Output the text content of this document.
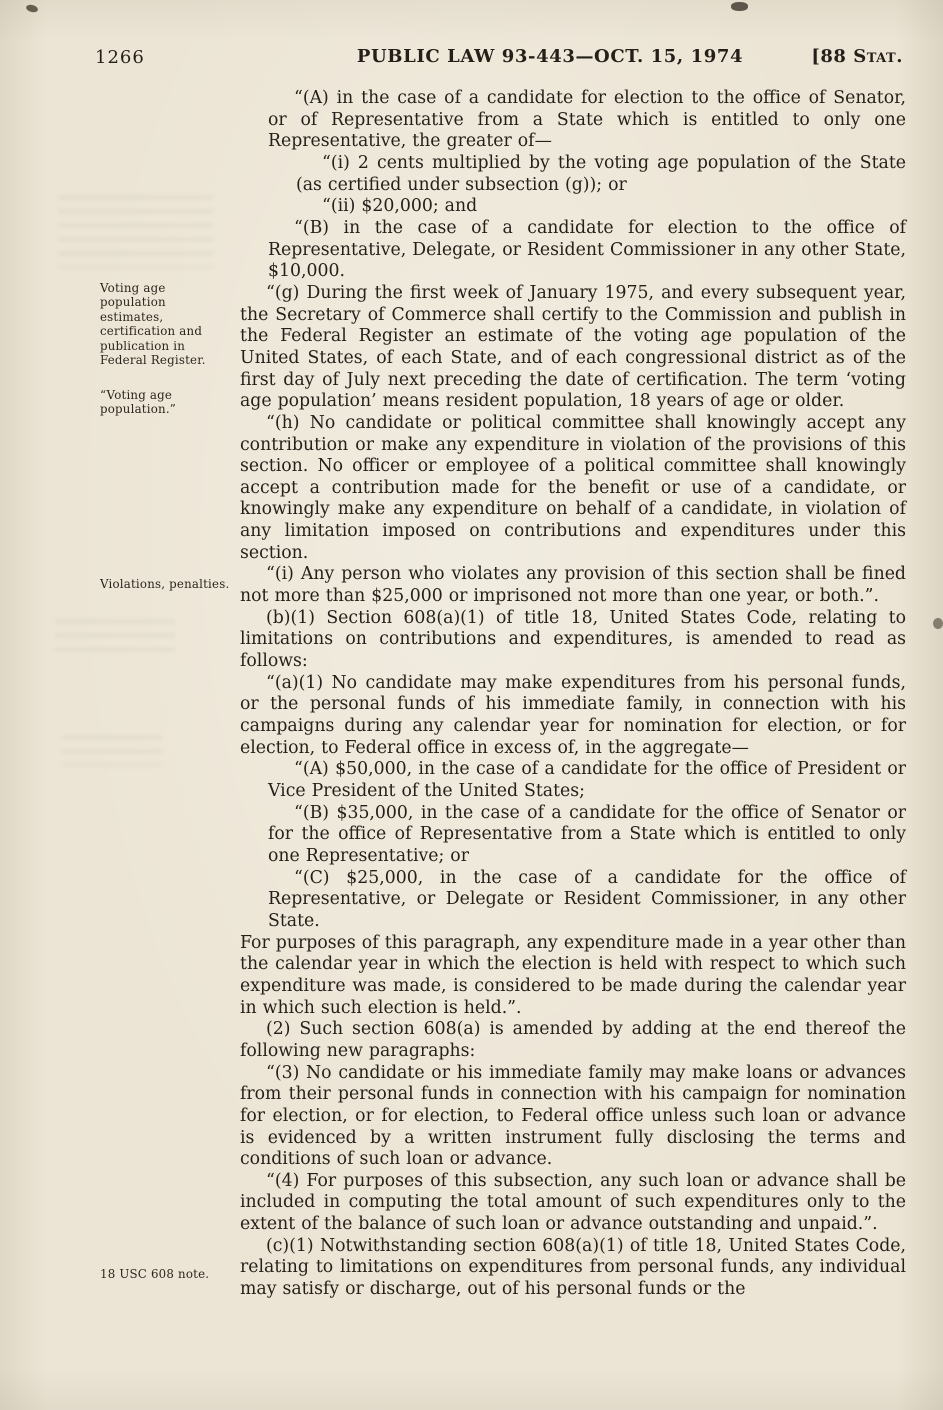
1266	PUBLIC LAW 93-443—OCT. 15, 1974	[88 Stat.
Voting age population estimates, certification and publication in Federal Register.
“Voting age population.”
Violations, penalties.
18 USC 608 note.

“(A) in the case of a candidate for election to the office of Senator, or of Representative from a State which is entitled to only one Representative, the greater of—

“(i) 2 cents multiplied by the voting age population of the State (as certified under subsection (g)); or

“(ii) $20,000; and

“(B) in the case of a candidate for election to the office of Representative, Delegate, or Resident Commissioner in any other State, $10,000.

“(g) During the first week of January 1975, and every subsequent year, the Secretary of Commerce shall certify to the Commission and publish in the Federal Register an estimate of the voting age population of the United States, of each State, and of each congressional district as of the first day of July next preceding the date of certification. The term ‘voting age population’ means resident population, 18 years of age or older.

“(h) No candidate or political committee shall knowingly accept any contribution or make any expenditure in violation of the provisions of this section. No officer or employee of a political committee shall knowingly accept a contribution made for the benefit or use of a candidate, or knowingly make any expenditure on behalf of a candidate, in violation of any limitation imposed on contributions and expenditures under this section.

“(i) Any person who violates any provision of this section shall be fined not more than $25,000 or imprisoned not more than one year, or both.”.

(b)(1) Section 608(a)(1) of title 18, United States Code, relating to limitations on contributions and expenditures, is amended to read as follows:

“(a)(1) No candidate may make expenditures from his personal funds, or the personal funds of his immediate family, in connection with his campaigns during any calendar year for nomination for election, or for election, to Federal office in excess of, in the aggregate—

“(A) $50,000, in the case of a candidate for the office of President or Vice President of the United States;

“(B) $35,000, in the case of a candidate for the office of Senator or for the office of Representative from a State which is entitled to only one Representative; or

“(C) $25,000, in the case of a candidate for the office of Representative, or Delegate or Resident Commissioner, in any other State.

For purposes of this paragraph, any expenditure made in a year other than the calendar year in which the election is held with respect to which such expenditure was made, is considered to be made during the calendar year in which such election is held.”.

(2) Such section 608(a) is amended by adding at the end thereof the following new paragraphs:

“(3) No candidate or his immediate family may make loans or advances from their personal funds in connection with his campaign for nomination for election, or for election, to Federal office unless such loan or advance is evidenced by a written instrument fully disclosing the terms and conditions of such loan or advance.

“(4) For purposes of this subsection, any such loan or advance shall be included in computing the total amount of such expenditures only to the extent of the balance of such loan or advance outstanding and unpaid.”.

(c)(1) Notwithstanding section 608(a)(1) of title 18, United States Code, relating to limitations on expenditures from personal funds, any individual may satisfy or discharge, out of his personal funds or the
